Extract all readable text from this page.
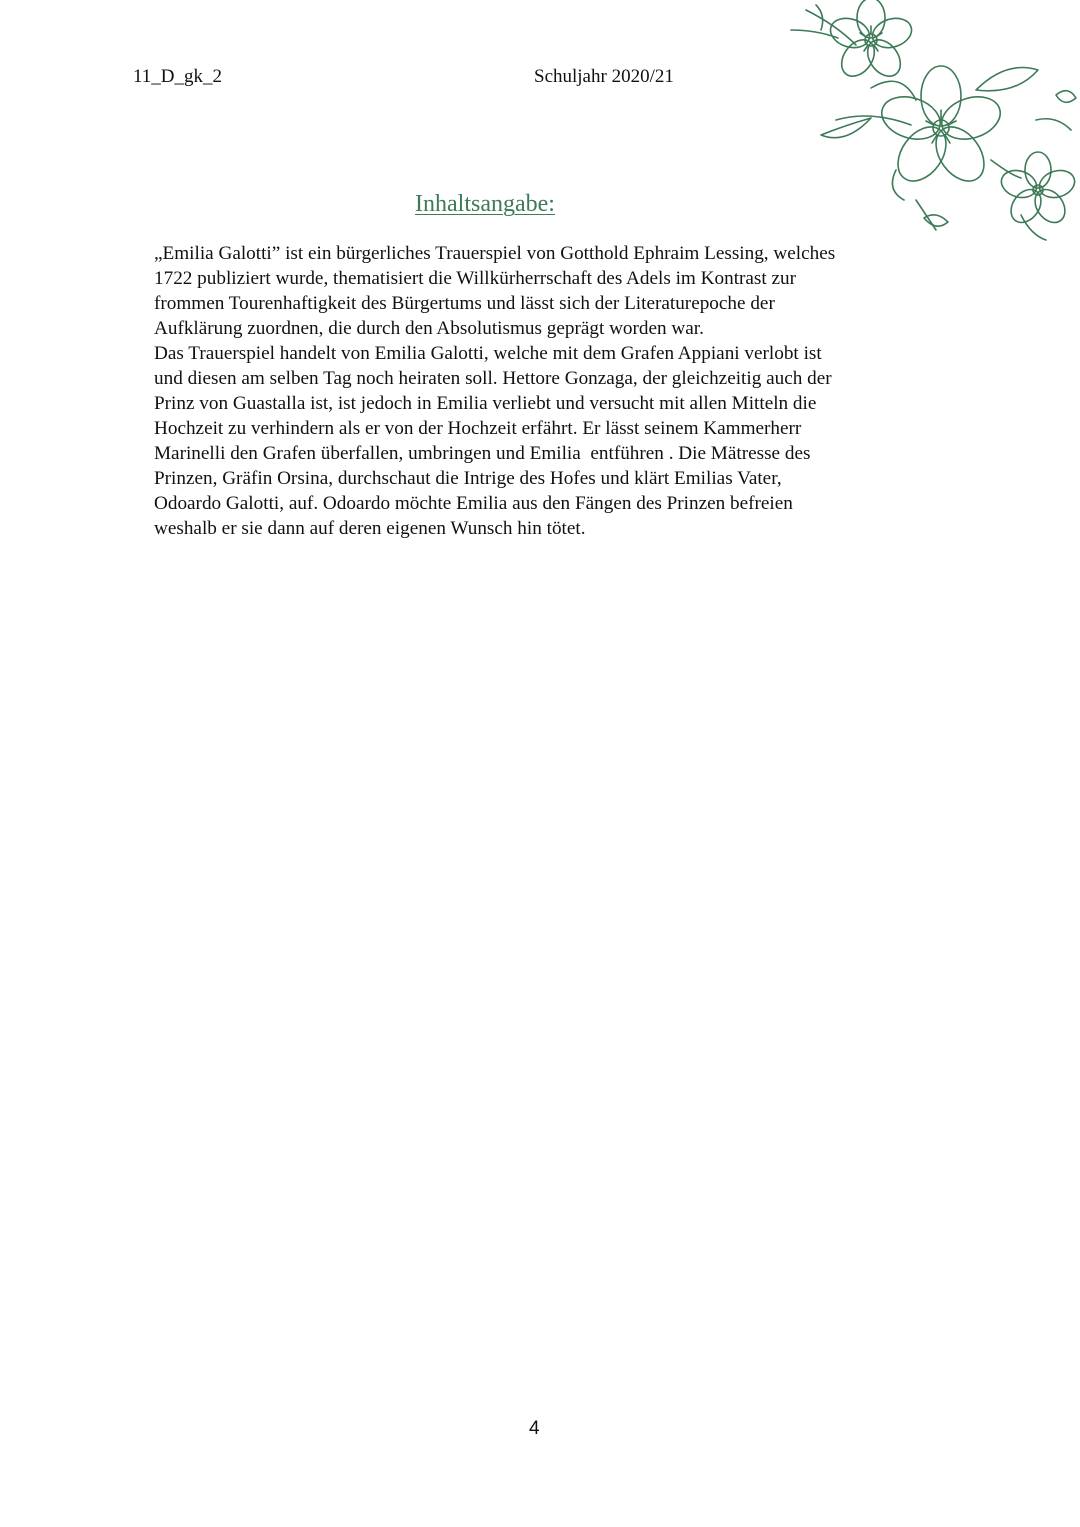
11_D_gk_2	Schuljahr 2020/21
Inhaltsangabe:

„Emilia Galotti” ist ein bürgerliches Trauerspiel von Gotthold Ephraim Lessing, welches

1722 publiziert wurde, thematisiert die Willkürherrschaft des Adels im Kontrast zur

frommen Tourenhaftigkeit des Bürgertums und lässt sich der Literaturepoche der

Aufklärung zuordnen, die durch den Absolutismus geprägt worden war.

Das Trauerspiel handelt von Emilia Galotti, welche mit dem Grafen Appiani verlobt ist

und diesen am selben Tag noch heiraten soll. Hettore Gonzaga, der gleichzeitig auch der

Prinz von Guastalla ist, ist jedoch in Emilia verliebt und versucht mit allen Mitteln die

Hochzeit zu verhindern als er von der Hochzeit erfährt. Er lässt seinem Kammerherr

Marinelli den Grafen überfallen, umbringen und Emilia  entführen . Die Mätresse des

Prinzen, Gräfin Orsina, durchschaut die Intrige des Hofes und klärt Emilias Vater,

Odoardo Galotti, auf. Odoardo möchte Emilia aus den Fängen des Prinzen befreien

weshalb er sie dann auf deren eigenen Wunsch hin tötet.

4
